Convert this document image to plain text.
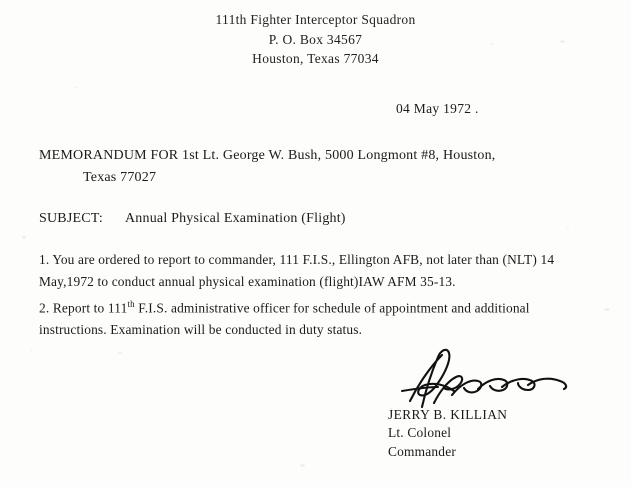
111th Fighter Interceptor Squadron
P. O. Box 34567
Houston, Texas 77034
04 May 1972 .
MEMORANDUM FOR 1st Lt. George W. Bush, 5000 Longmont #8, Houston,
Texas 77027
SUBJECT: Annual Physical Examination (Flight)
1. You are ordered to report to commander, 111 F.I.S., Ellington AFB, not later than (NLT) 14 May,1972 to conduct annual physical examination (flight)IAW AFM 35-13.
2. Report to 111th F.I.S. administrative officer for schedule of appointment and additional instructions. Examination will be conducted in duty status.
JERRY B. KILLIAN
Lt. Colonel
Commander
